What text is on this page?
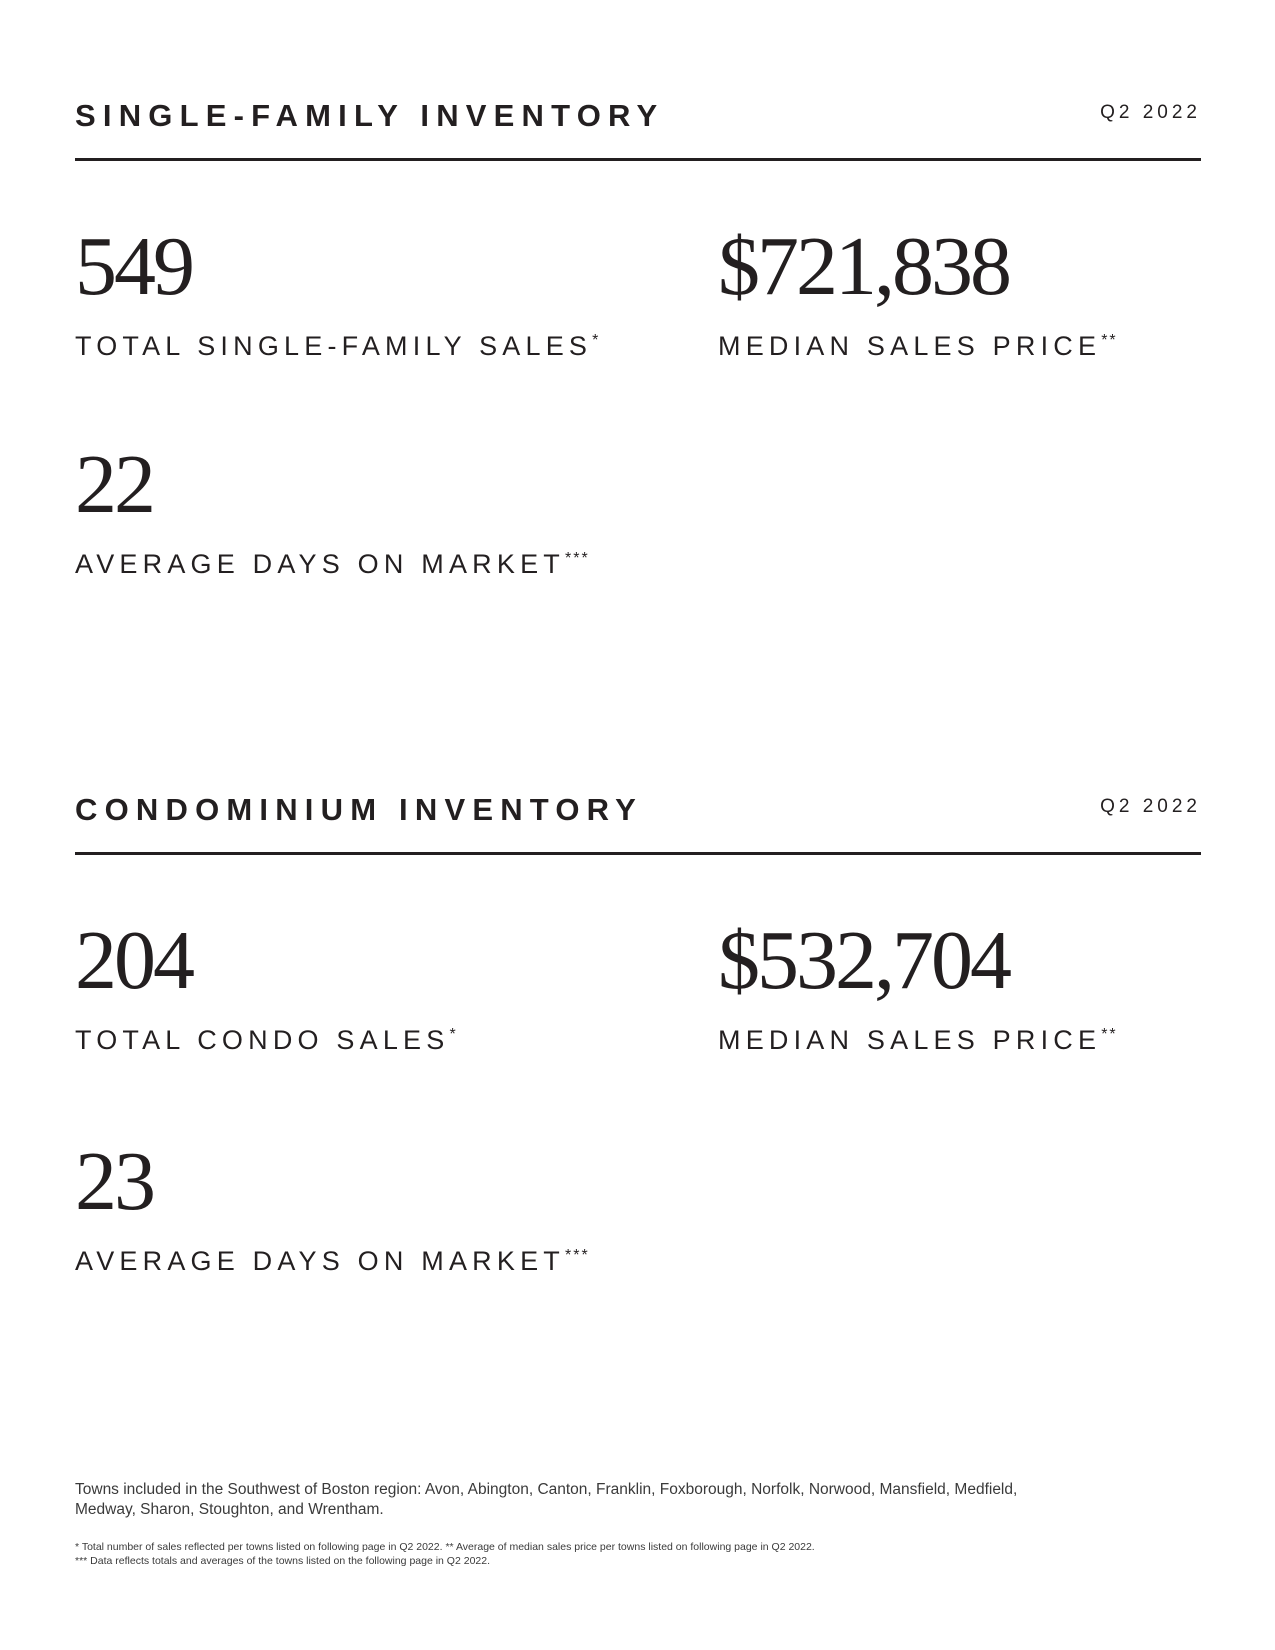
SINGLE-FAMILY INVENTORY	Q2 2022
549
TOTAL SINGLE-FAMILY SALES*
$721,838
MEDIAN SALES PRICE**
22
AVERAGE DAYS ON MARKET***
CONDOMINIUM INVENTORY	Q2 2022
204
TOTAL CONDO SALES*
$532,704
MEDIAN SALES PRICE**
23
AVERAGE DAYS ON MARKET***

Towns included in the Southwest of Boston region: Avon, Abington, Canton, Franklin, Foxborough, Norfolk, Norwood, Mansfield, Medfield,
Medway, Sharon, Stoughton, and Wrentham.

* Total number of sales reflected per towns listed on following page in Q2 2022. ** Average of median sales price per towns listed on following page in Q2 2022.
*** Data reflects totals and averages of the towns listed on the following page in Q2 2022.
